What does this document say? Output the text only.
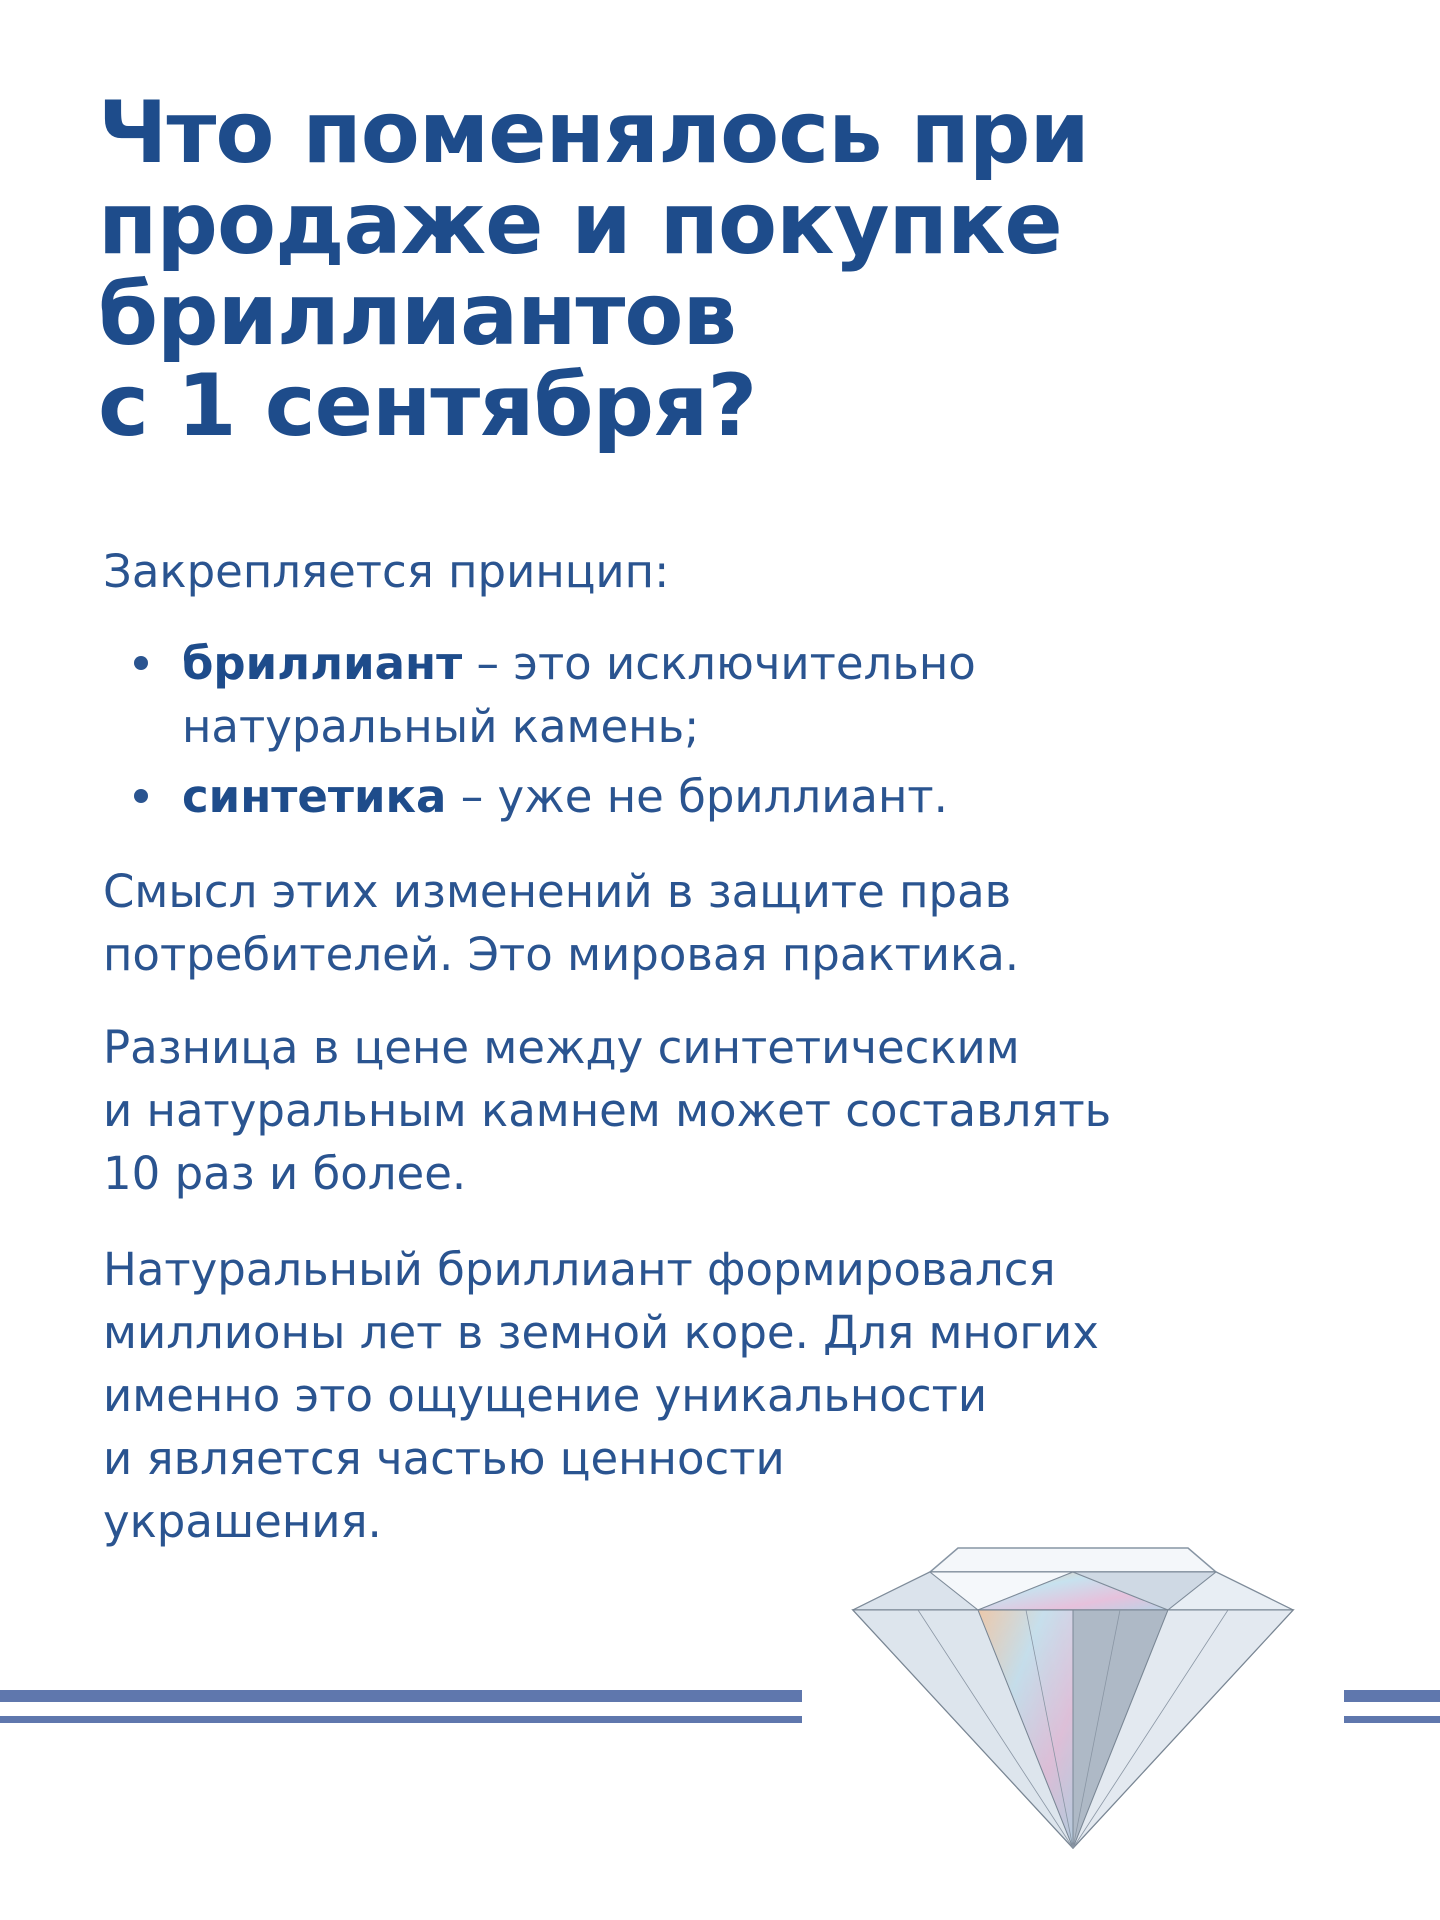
Что поменялось при
продаже и покупке
бриллиантов
с 1 сентября?

Закрепляется принцип:

бриллиант – это исключительно
натуральный камень;
синтетика – уже не бриллиант.

Смысл этих изменений в защите прав
потребителей. Это мировая практика.

Разница в цене между синтетическим
и натуральным камнем может составлять
10 раз и более.

Натуральный бриллиант формировался
миллионы лет в земной коре. Для многих
именно это ощущение уникальности
и является частью ценности
украшения.
